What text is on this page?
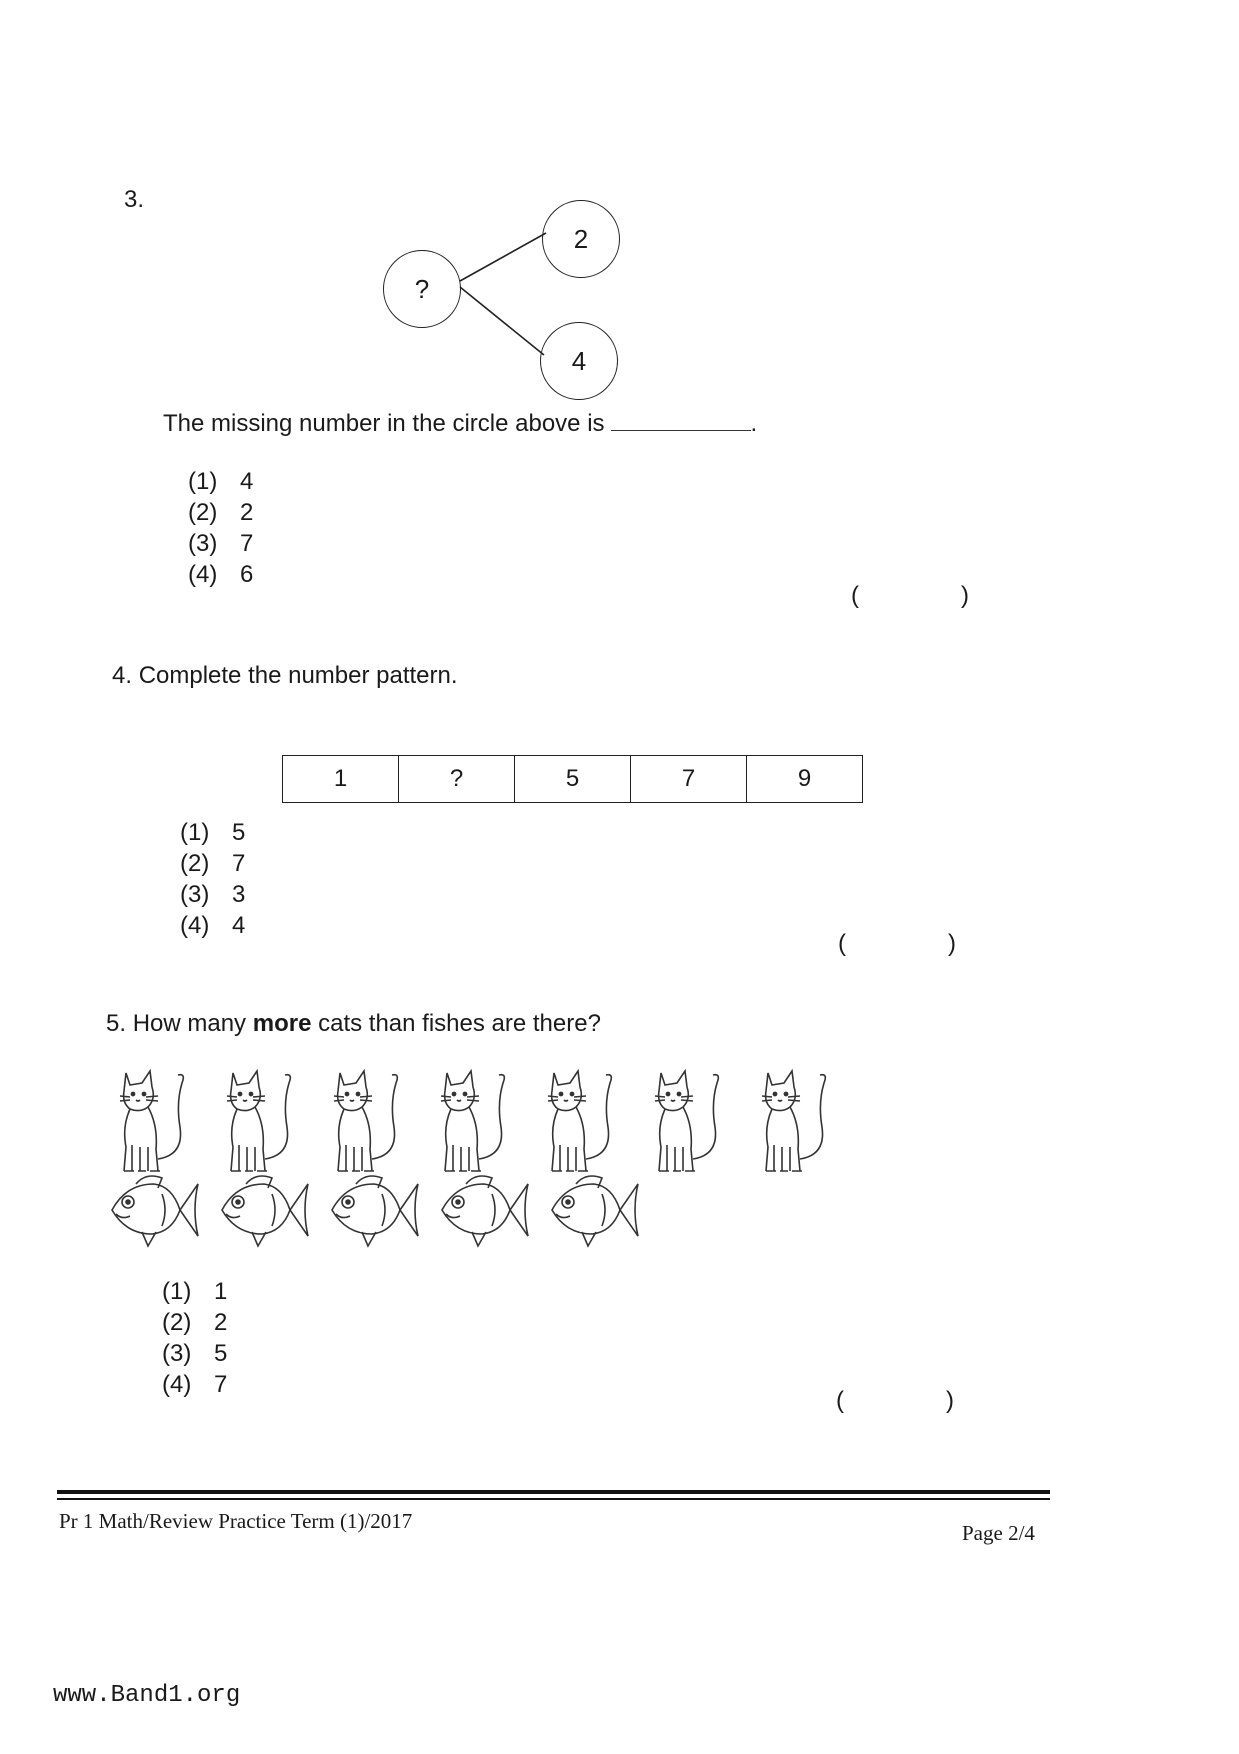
3.
?
2
4
The missing number in the circle above is	.
(1) 4
(2) 2
(3) 7
(4) 6
(	)
4. Complete the number pattern.
1	?	5	7	9
(1) 5
(2) 7
(3) 3
(4) 4
(	)
5. How many more cats than fishes are there?
(1) 1
(2) 2
(3) 5
(4) 7
(	)
Pr 1 Math/Review Practice Term (1)/2017	Page 2/4
www.Band1.org
